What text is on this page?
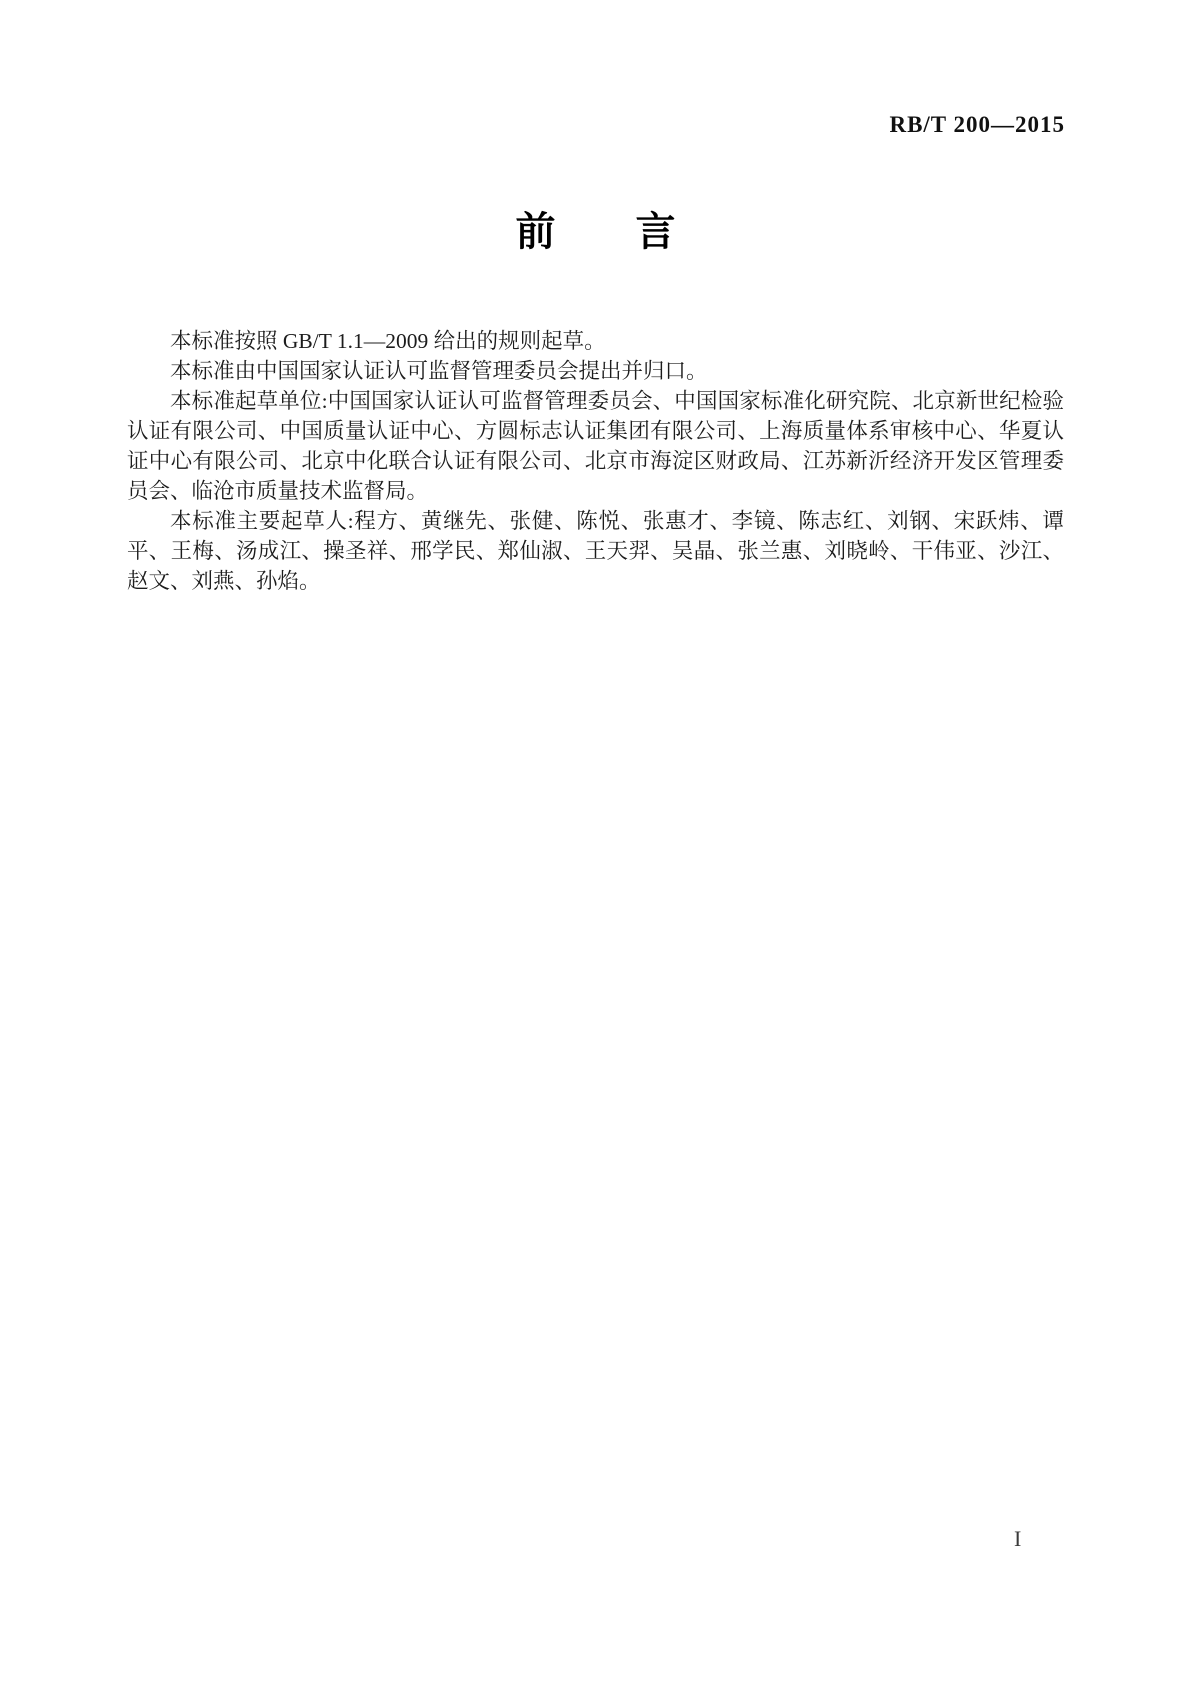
RB/T 200—2015
前　　言

本标准按照 GB/T 1.1—2009 给出的规则起草。

本标准由中国国家认证认可监督管理委员会提出并归口。

本标准起草单位:中国国家认证认可监督管理委员会、中国国家标准化研究院、北京新世纪检验认证有限公司、中国质量认证中心、方圆标志认证集团有限公司、上海质量体系审核中心、华夏认证中心有限公司、北京中化联合认证有限公司、北京市海淀区财政局、江苏新沂经济开发区管理委员会、临沧市质量技术监督局。

本标准主要起草人:程方、黄继先、张健、陈悦、张惠才、李镜、陈志红、刘钢、宋跃炜、谭平、王梅、汤成江、操圣祥、邢学民、郑仙淑、王天羿、吴晶、张兰惠、刘晓岭、干伟亚、沙江、赵文、刘燕、孙焰。

I
